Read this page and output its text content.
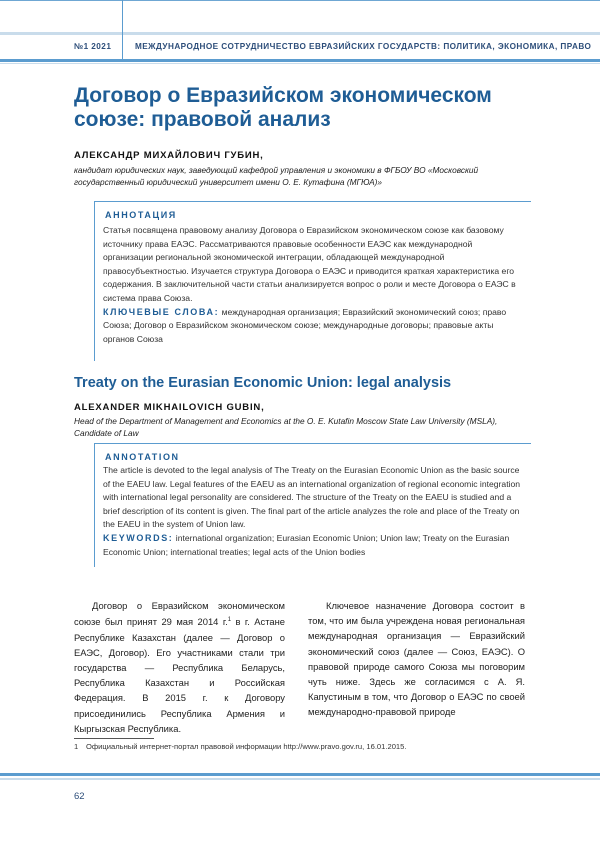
№1 2021	МЕЖДУНАРОДНОЕ СОТРУДНИЧЕСТВО ЕВРАЗИЙСКИХ ГОСУДАРСТВ: ПОЛИТИКА, ЭКОНОМИКА, ПРАВО
Договор о Евразийском экономическом союзе: правовой анализ
АЛЕКСАНДР МИХАЙЛОВИЧ ГУБИН,
кандидат юридических наук, заведующий кафедрой управления и экономики в ФГБОУ ВО «Московский государственный юридический университет имени О. Е. Кутафина (МГЮА)»
АННОТАЦИЯ
Статья посвящена правовому анализу Договора о Евразийском экономическом союзе как базовому источнику права ЕАЭС. Рассматриваются правовые особенности ЕАЭС как международной организации региональной экономической интеграции, обладающей международной правосубъектностью. Изучается структура Договора о ЕАЭС и приводится краткая характеристика его содержания. В заключительной части статьи анализируется вопрос о роли и месте Договора о ЕАЭС в система права Союза.
КЛЮЧЕВЫЕ СЛОВА: международная организация; Евразийский экономический союз; право Союза; Договор о Евразийском экономическом союзе; международные договоры; правовые акты органов Союза
Treaty on the Eurasian Economic Union: legal analysis
ALEXANDER MIKHAILOVICH GUBIN,
Head of the Department of Management and Economics at the O. E. Kutafin Moscow State Law University (MSLA), Candidate of Law
ANNOTATION
The article is devoted to the legal analysis of The Treaty on the Eurasian Economic Union as the basic source of the EAEU law. Legal features of the EAEU as an international organization of regional economic integration with international legal personality are considered. The structure of the Treaty on the EAEU is studied and a brief description of its content is given. The final part of the article analyzes the role and place of the Treaty on the EAEU in the system of Union law.
KEYWORDS: international organization; Eurasian Economic Union; Union law; Treaty on the Eurasian Economic Union; international treaties; legal acts of the Union bodies

Договор о Евразийском экономическом союзе был принят 29 мая 2014 г.$^1$ в г. Астане Республике Казахстан (далее — Договор о ЕАЭС, Договор). Его участниками стали три государства — Республика Беларусь, Республика Казахстан и Российская Федерация. В 2015 г. к Договору присоединились Республика Армения и Кыргызская Республика.

Ключевое назначение Договора состоит в том, что им была учреждена новая региональная международная организация — Евразийский экономический союз (далее — Союз, ЕАЭС). О правовой природе самого Союза мы поговорим чуть ниже. Здесь же согласимся с А. Я. Капустиным в том, что Договор о ЕАЭС по своей международно-правовой природе

1 Официальный интернет-портал правовой информации http://www.pravo.gov.ru, 16.01.2015.
62
